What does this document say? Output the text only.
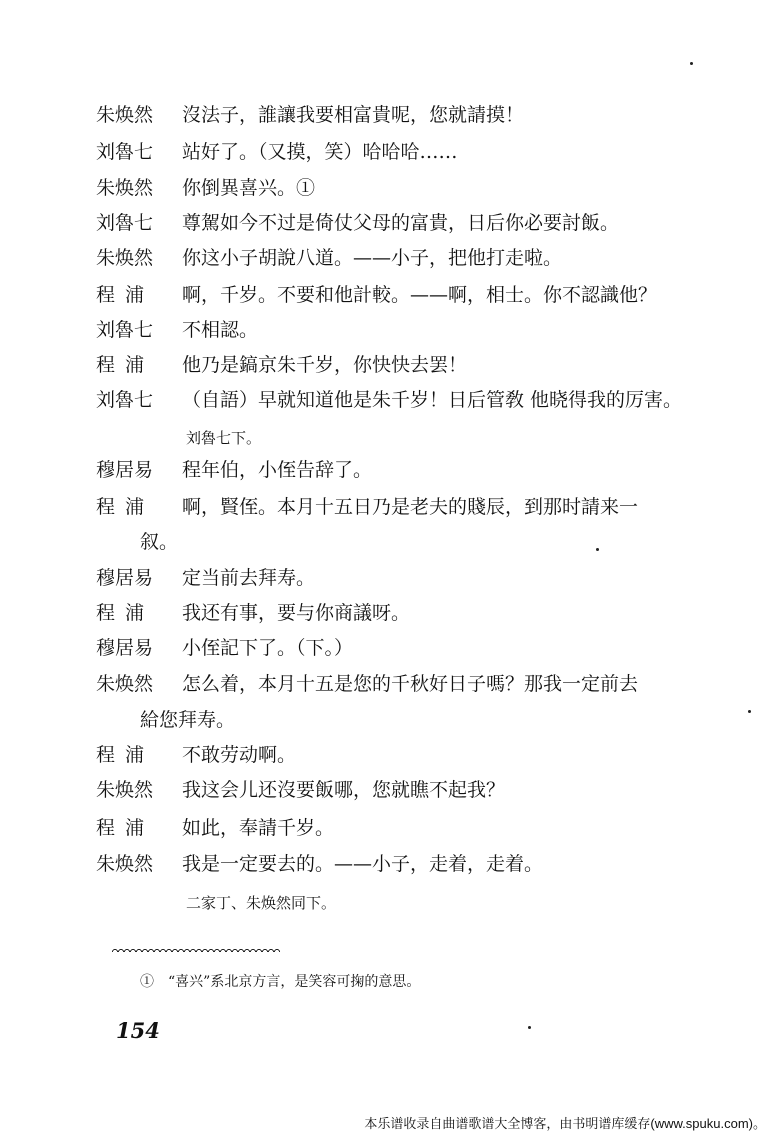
朱焕然	沒法子，誰讓我要相富貴呢，您就請摸！
刘魯七	站好了。（又摸，笑）哈哈哈……
朱焕然	你倒異喜兴。①
刘魯七	尊駕如今不过是倚仗父母的富貴，日后你必要討飯。
朱焕然	你这小子胡說八道。——小子，把他打走啦。
程浦	啊，千岁。不要和他計較。——啊，相士。你不認識他？
刘魯七	不相認。
程浦	他乃是鎬京朱千岁，你快快去罢！
刘魯七	（自語）早就知道他是朱千岁！日后管敎 他晓得我的厉害。
刘魯七下。
穆居易	程年伯，小侄告辞了。
程浦	啊，賢侄。本月十五日乃是老夫的賤辰，到那时請来一
叙。
穆居易	定当前去拜寿。
程浦	我还有事，要与你商議呀。
穆居易	小侄記下了。（下。）
朱焕然	怎么着，本月十五是您的千秋好日子嗎？那我一定前去
給您拜寿。
程浦	不敢劳动啊。
朱焕然	我这会儿还沒要飯哪，您就瞧不起我？
程浦	如此，奉請千岁。
朱焕然	我是一定要去的。——小子，走着，走着。
二家丁、朱焕然同下。
①　“喜兴”系北京方言，是笑容可掬的意思。
154
本乐谱收录自曲谱歌谱大全博客，由书明谱库缓存(www.spuku.com)。
